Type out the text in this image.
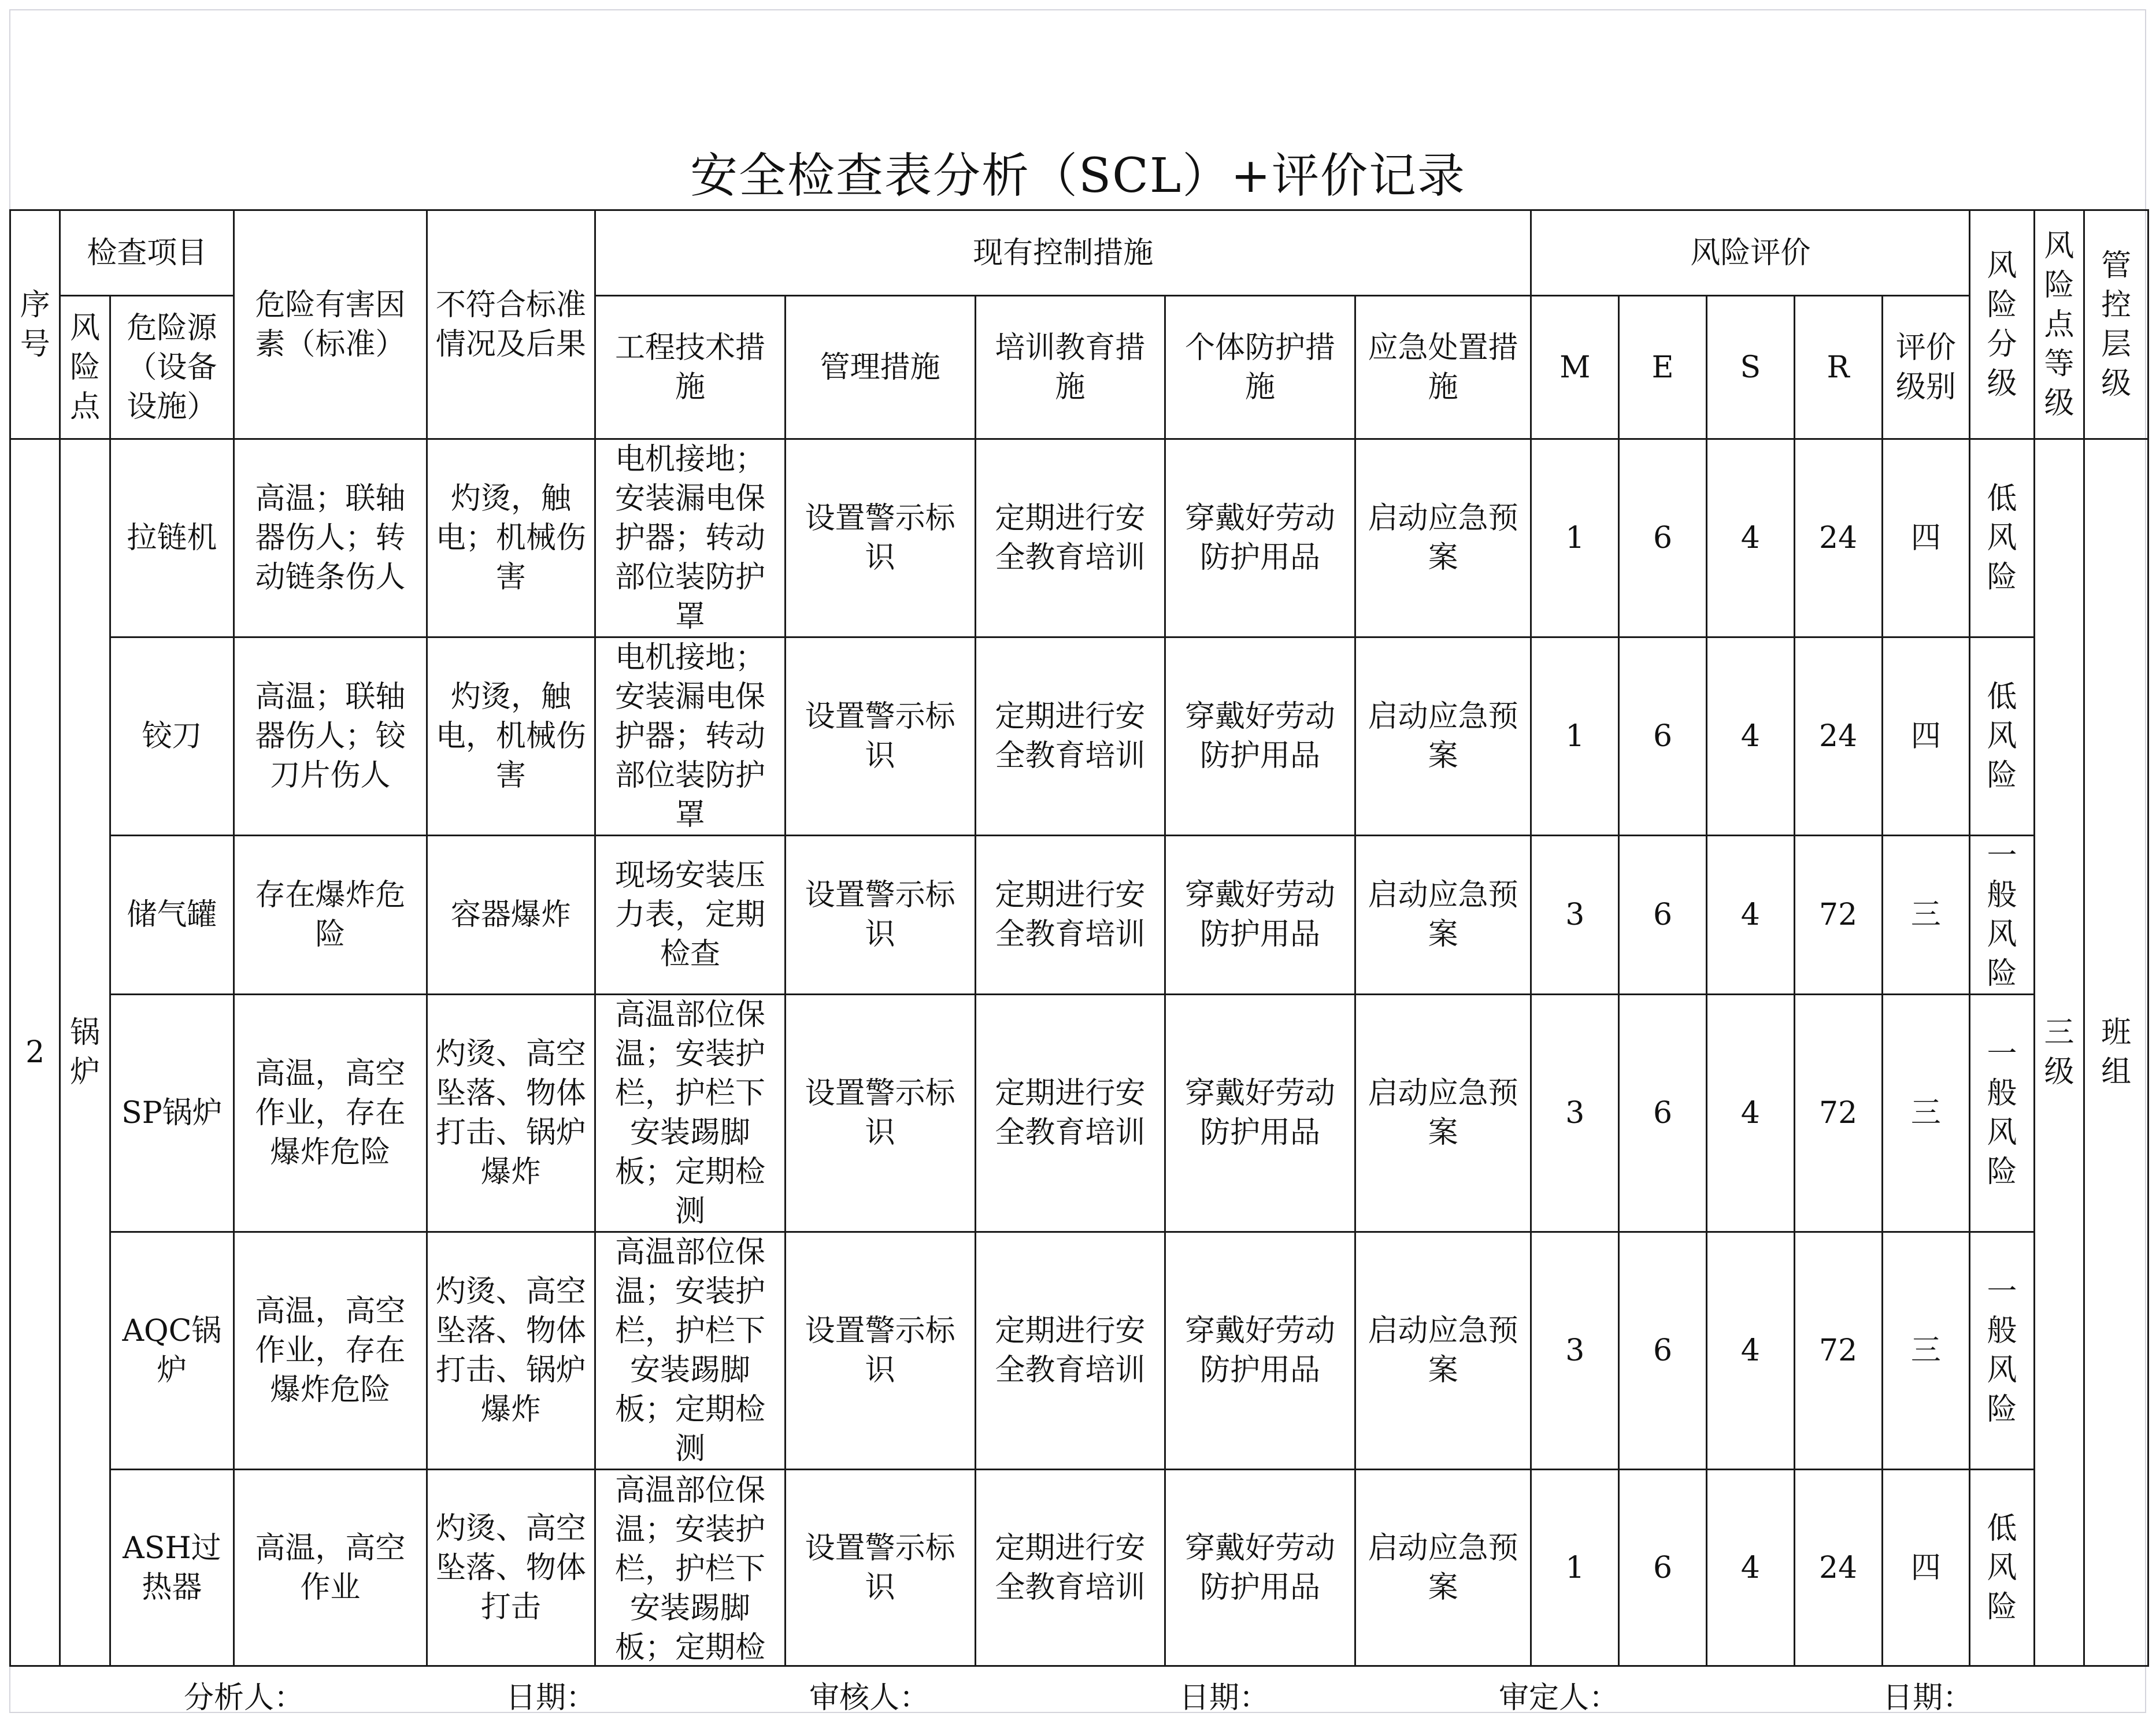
安全检查表分析（SCL）+评价记录
序号	检查项目		危险有害因素（标准）	不符合标准情况及后果	现有控制措施					风险评价					风险分级	风险点等级	管控层级
	风险点	危险源（设备设施）			工程技术措施	管理措施	培训教育措施	个体防护措施	应急处置措施	M	E	S	R	评价级别			
2	锅炉	拉链机	高温；联轴器伤人；转动链条伤人	灼烫，触电；机械伤害	电机接地；安装漏电保护器；转动部位装防护罩	设置警示标识	定期进行安全教育培训	穿戴好劳动防护用品	启动应急预案	1	6	4	24	四	低风险	三级	班组
		铰刀	高温；联轴器伤人；铰刀片伤人	灼烫，触电，机械伤害	电机接地；安装漏电保护器；转动部位装防护罩	设置警示标识	定期进行安全教育培训	穿戴好劳动防护用品	启动应急预案	1	6	4	24	四	低风险		
		储气罐	存在爆炸危险	容器爆炸	现场安装压力表，定期检查	设置警示标识	定期进行安全教育培训	穿戴好劳动防护用品	启动应急预案	3	6	4	72	三	一般风险		
		SP锅炉	高温，高空作业，存在爆炸危险	灼烫、高空坠落、物体打击、锅炉爆炸	高温部位保温；安装护栏，护栏下安装踢脚板；定期检测	设置警示标识	定期进行安全教育培训	穿戴好劳动防护用品	启动应急预案	3	6	4	72	三	一般风险		
		AQC锅炉	高温，高空作业，存在爆炸危险	灼烫、高空坠落、物体打击、锅炉爆炸	高温部位保温；安装护栏，护栏下安装踢脚板；定期检测	设置警示标识	定期进行安全教育培训	穿戴好劳动防护用品	启动应急预案	3	6	4	72	三	一般风险		
		ASH过热器	高温，高空作业	灼烫、高空坠落、物体打击	高温部位保温；安装护栏，护栏下安装踢脚板；定期检	设置警示标识	定期进行安全教育培训	穿戴好劳动防护用品	启动应急预案	1	6	4	24	四	低风险		
分析人：	日期：	审核人：	日期：	审定人：	日期：
